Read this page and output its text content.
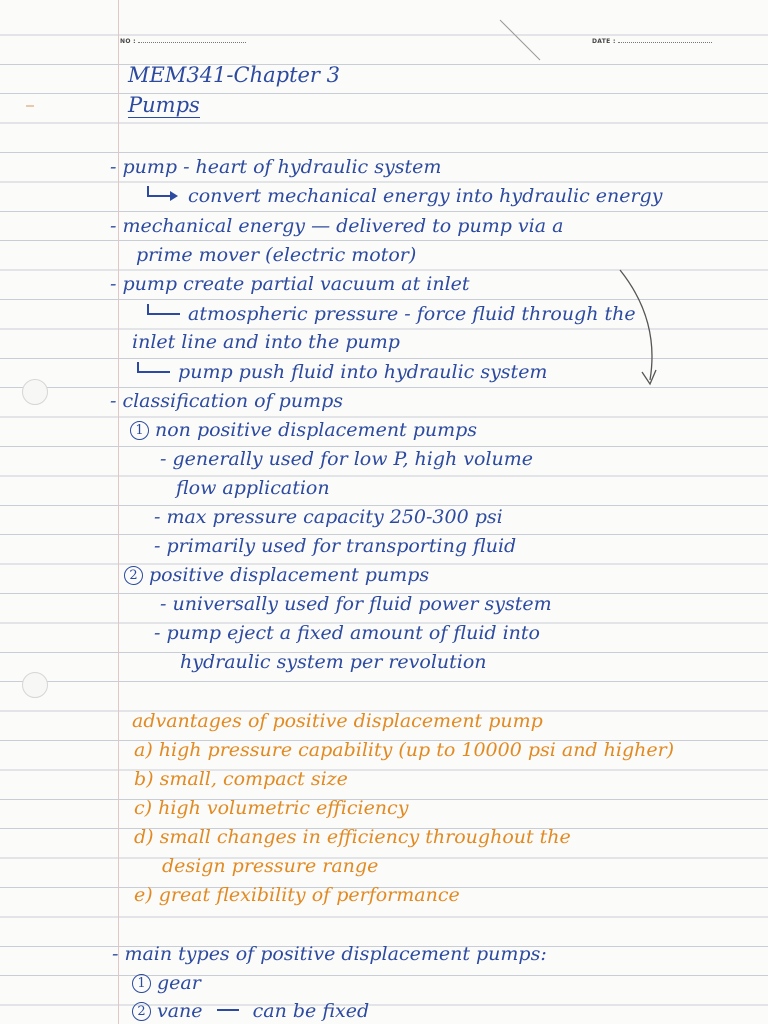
NO :	DATE :
MEM341-Chapter 3
Pumps
- pump - heart of hydraulic system
convert mechanical energy into hydraulic energy
- mechanical energy — delivered to pump via a
prime mover (electric motor)
- pump create partial vacuum at inlet
atmospheric pressure - force fluid through the
inlet line and into the pump
pump push fluid into hydraulic system
- classification of pumps
1 non positive displacement pumps
- generally used for low P, high volume
flow application
- max pressure capacity 250-300 psi
- primarily used for transporting fluid
2 positive displacement pumps
- universally used for fluid power system
- pump eject a fixed amount of fluid into
hydraulic system per revolution
advantages of positive displacement pump
a) high pressure capability (up to 10000 psi and higher)
b) small, compact size
c) high volumetric efficiency
d) small changes in efficiency throughout the
design pressure range
e) great flexibility of performance
- main types of positive displacement pumps:
1 gear
2 vane	can be fixed
